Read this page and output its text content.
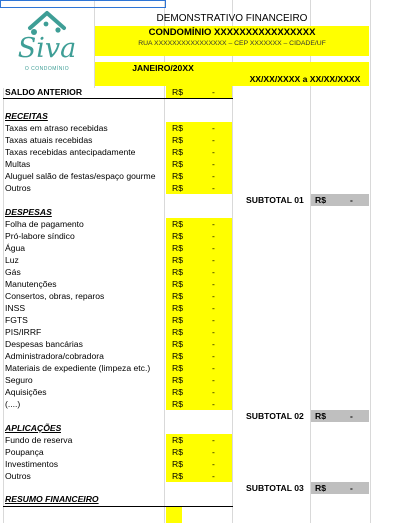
Siva
O CONDOMÍNIO
DEMONSTRATIVO FINANCEIRO
CONDOMÍNIO XXXXXXXXXXXXXXXX
RUA XXXXXXXXXXXXXXXX – CEP XXXXXXX – CIDADE/UF
JANEIRO/20XX
XX/XX/XXXX a XX/XX/XXXX
SALDO ANTERIOR	R$	-
RECEITAS
Taxas em atraso recebidas	R$	-
Taxas atuais recebidas	R$	-
Taxas recebidas antecipadamente	R$	-
Multas	R$	-
Aluguel salão de festas/espaço gourme	R$	-
Outros	R$	-
SUBTOTAL 01 R$	-
DESPESAS
Folha de pagamento	R$	-
Pró-labore síndico	R$	-
Água	R$	-
Luz	R$	-
Gás	R$	-
Manutenções	R$	-
Consertos, obras, reparos	R$	-
INSS	R$	-
FGTS	R$	-
PIS/IRRF	R$	-
Despesas bancárias	R$	-
Administradora/cobradora	R$	-
Materiais de expediente (limpeza etc.)	R$	-
Seguro	R$	-
Aquisições	R$	-
(....)	R$	-
SUBTOTAL 02 R$	-
APLICAÇÕES
Fundo de reserva	R$	-
Poupança	R$	-
Investimentos	R$	-
Outros	R$	-
SUBTOTAL 03 R$	-
RESUMO FINANCEIRO
